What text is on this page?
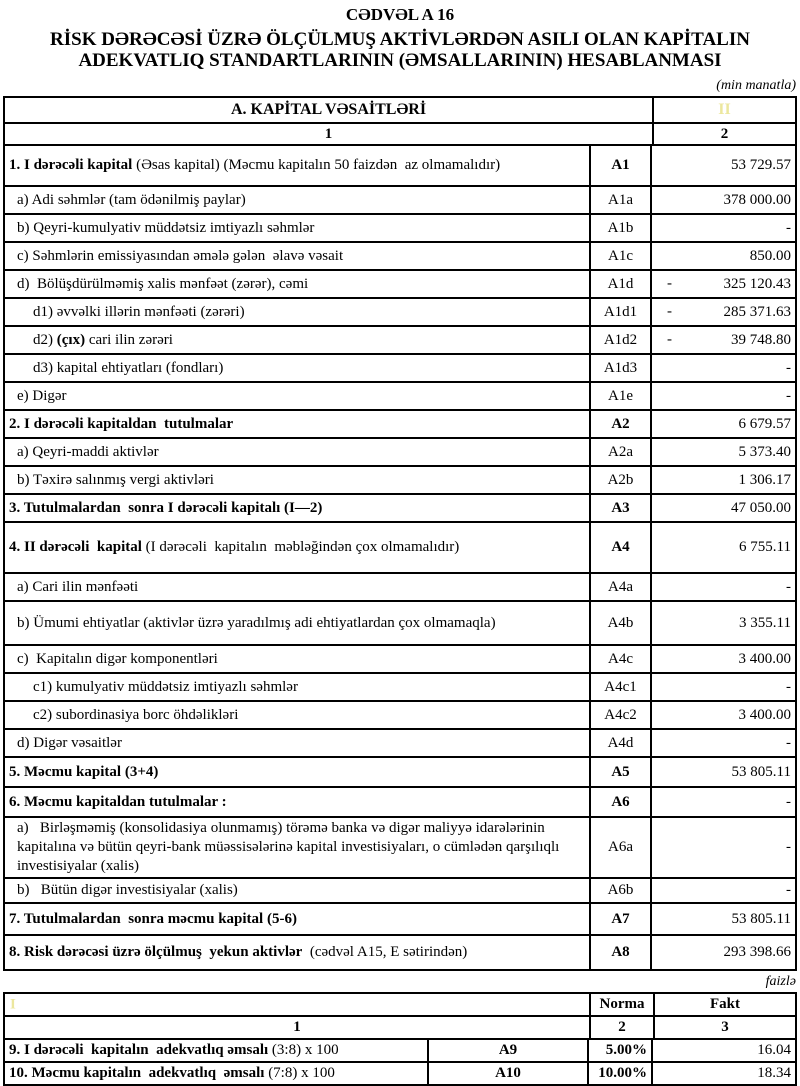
CƏDVƏL A 16
RİSK DƏRƏCƏSİ ÜZRƏ ÖLÇÜLMUŞ AKTİVLƏRDƏN ASILI OLAN KAPİTALIN ADEKVATLIQ STANDARTLARININ (ƏMSALLARININ) HESABLANMASI
(min manatla)
A. KAPİTAL VƏSAİTLƏRİ	II
1	2
1. I dərəcəli kapital (Əsas kapital) (Məcmu kapitalın 50 faizdən  az olmamalıdır)	A1	53 729.57
a) Adi səhmlər (tam ödənilmiş paylar)	A1a	378 000.00
b) Qeyri-kumulyativ müddətsiz imtiyazlı səhmlər	A1b	-
c) Səhmlərin emissiyasından əmələ gələn  əlavə vəsait	A1c	850.00
d)  Bölüşdürülməmiş xalis mənfəət (zərər), cəmi	A1d	-	325 120.43
d1) əvvəlki illərin mənfəəti (zərəri)	A1d1	-	285 371.63
d2) (çıx) cari ilin zərəri	A1d2	-	39 748.80
d3) kapital ehtiyatları (fondları)	A1d3	-
e) Digər	A1e	-
2. I dərəcəli kapitaldan  tutulmalar	A2	6 679.57
a) Qeyri-maddi aktivlər	A2a	5 373.40
b) Təxirə salınmış vergi aktivləri	A2b	1 306.17
3. Tutulmalardan  sonra I dərəcəli kapitalı (I—2)	A3	47 050.00
4. II dərəcəli  kapital (I dərəcəli  kapitalın  məbləğindən çox olmamalıdır)	A4	6 755.11
a) Cari ilin mənfəəti	A4a	-
b) Ümumi ehtiyatlar (aktivlər üzrə yaradılmış adi ehtiyatlardan çox olmamaqla)	A4b	3 355.11
c)  Kapitalın digər komponentləri	A4c	3 400.00
c1) kumulyativ müddətsiz imtiyazlı səhmlər	A4c1	-
c2) subordinasiya borc öhdəlikləri	A4c2	3 400.00
d) Digər vəsaitlər	A4d	-
5. Məcmu kapital (3+4)	A5	53 805.11
6. Məcmu kapitaldan tutulmalar :	A6	-
a)   Birləşməmiş (konsolidasiya olunmamış) törəmə banka və digər maliyyə idarələrinin kapitalına və bütün qeyri-bank müəssisələrinə kapital investisiyaları, o cümlədən qarşılıqlı investisiyalar (xalis)
A6a	-
b)   Bütün digər investisiyalar (xalis)	A6b	-
7. Tutulmalardan  sonra məcmu kapital (5-6)	A7	53 805.11
8. Risk dərəcəsi üzrə ölçülmuş  yekun aktivlər (cədvəl A15, E sətirindən)	A8	293 398.66
faizlə
I	Norma	Fakt
1	2	3
9. I dərəcəli  kapitalın  adekvatlıq əmsalı (3:8) x 100	A9	5.00%	16.04
10. Məcmu kapitalın  adekvatlıq  əmsalı (7:8) x 100	A10	10.00%	18.34
